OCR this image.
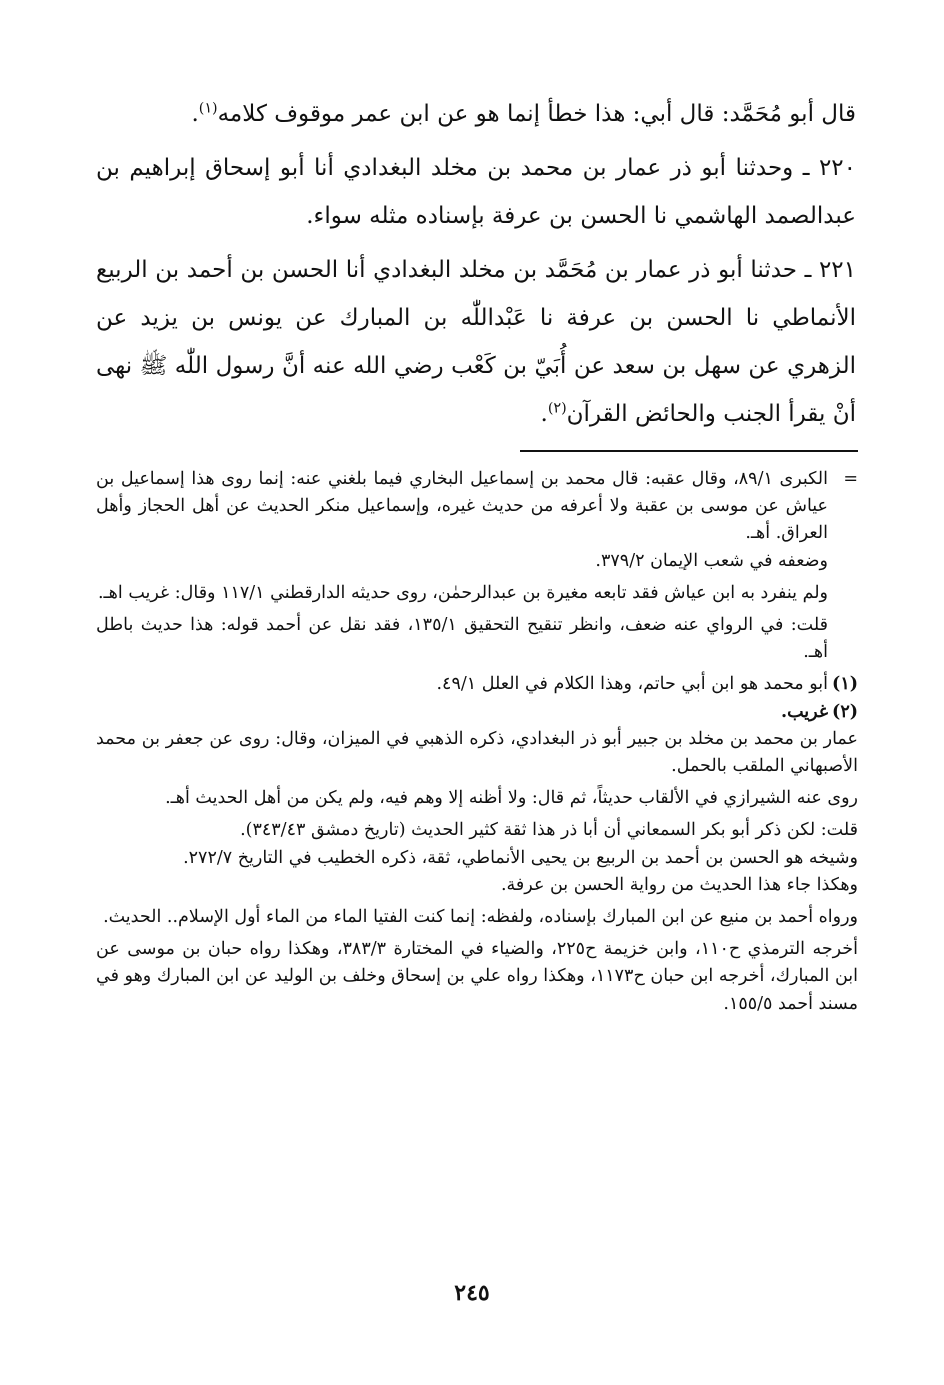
قال أبو مُحَمَّد: قال أبي: هذا خطأ إنما هو عن ابن عمر موقوف كلامه$^{(١)}$.

٢٢٠ ـ وحدثنا أبو ذر عمار بن محمد بن مخلد البغدادي أنا أبو إسحاق إبراهيم بن عبدالصمد الهاشمي نا الحسن بن عرفة بإسناده مثله سواء.

٢٢١ ـ حدثنا أبو ذر عمار بن مُحَمَّد بن مخلد البغدادي أنا الحسن بن أحمد بن الربيع الأنماطي نا الحسن بن عرفة نا عَبْداللّٰه بن المبارك عن يونس بن يزيد عن الزهري عن سهل بن سعد عن أُبَيّ بن كَعْب رضي الله عنه أنَّ رسول اللّٰه ﷺ نهى أنْ يقرأ الجنب والحائض القرآن$^{(٢)}$.

=

الكبرى ٨٩/١، وقال عقبه: قال محمد بن إسماعيل البخاري فيما بلغني عنه: إنما روى هذا إسماعيل بن عياش عن موسى بن عقبة ولا أعرفه من حديث غيره، وإسماعيل منكر الحديث عن أهل الحجاز وأهل العراق. أهـ.

وضعفه في شعب الإيمان ٣٧٩/٢.

ولم ينفرد به ابن عياش فقد تابعه مغيرة بن عبدالرحمٰن، روى حديثه الدارقطني ١١٧/١ وقال: غريب اهـ.

قلت: في الرواي عنه ضعف، وانظر تنقيح التحقيق ١٣٥/١، فقد نقل عن أحمد قوله: هذا حديث باطل أهـ.

(١)

أبو محمد هو ابن أبي حاتم، وهذا الكلام في العلل ٤٩/١.

(٢)

غريب.

عمار بن محمد بن مخلد بن جبير أبو ذر البغدادي، ذكره الذهبي في الميزان، وقال: روى عن جعفر بن محمد الأصبهاني الملقب بالحمل.

روى عنه الشيرازي في الألقاب حديثاً، ثم قال: ولا أظنه إلا وهم فيه، ولم يكن من أهل الحديث أهـ.

قلت: لكن ذكر أبو بكر السمعاني أن أبا ذر هذا ثقة كثير الحديث (تاريخ دمشق ٣٤٣/٤٣).

وشيخه هو الحسن بن أحمد بن الربيع بن يحيى الأنماطي، ثقة، ذكره الخطيب في التاريخ ٢٧٢/٧.

وهكذا جاء هذا الحديث من رواية الحسن بن عرفة.

ورواه أحمد بن منيع عن ابن المبارك بإسناده، ولفظه: إنما كنت الفتيا الماء من الماء أول الإسلام.. الحديث.

أخرجه الترمذي ح١١٠، وابن خزيمة ح٢٢٥، والضياء في المختارة ٣٨٣/٣، وهكذا رواه حبان بن موسى عن ابن المبارك، أخرجه ابن حبان ح١١٧٣، وهكذا رواه علي بن إسحاق وخلف بن الوليد عن ابن المبارك وهو في مسند أحمد ١٥٥/٥.

٢٤٥
